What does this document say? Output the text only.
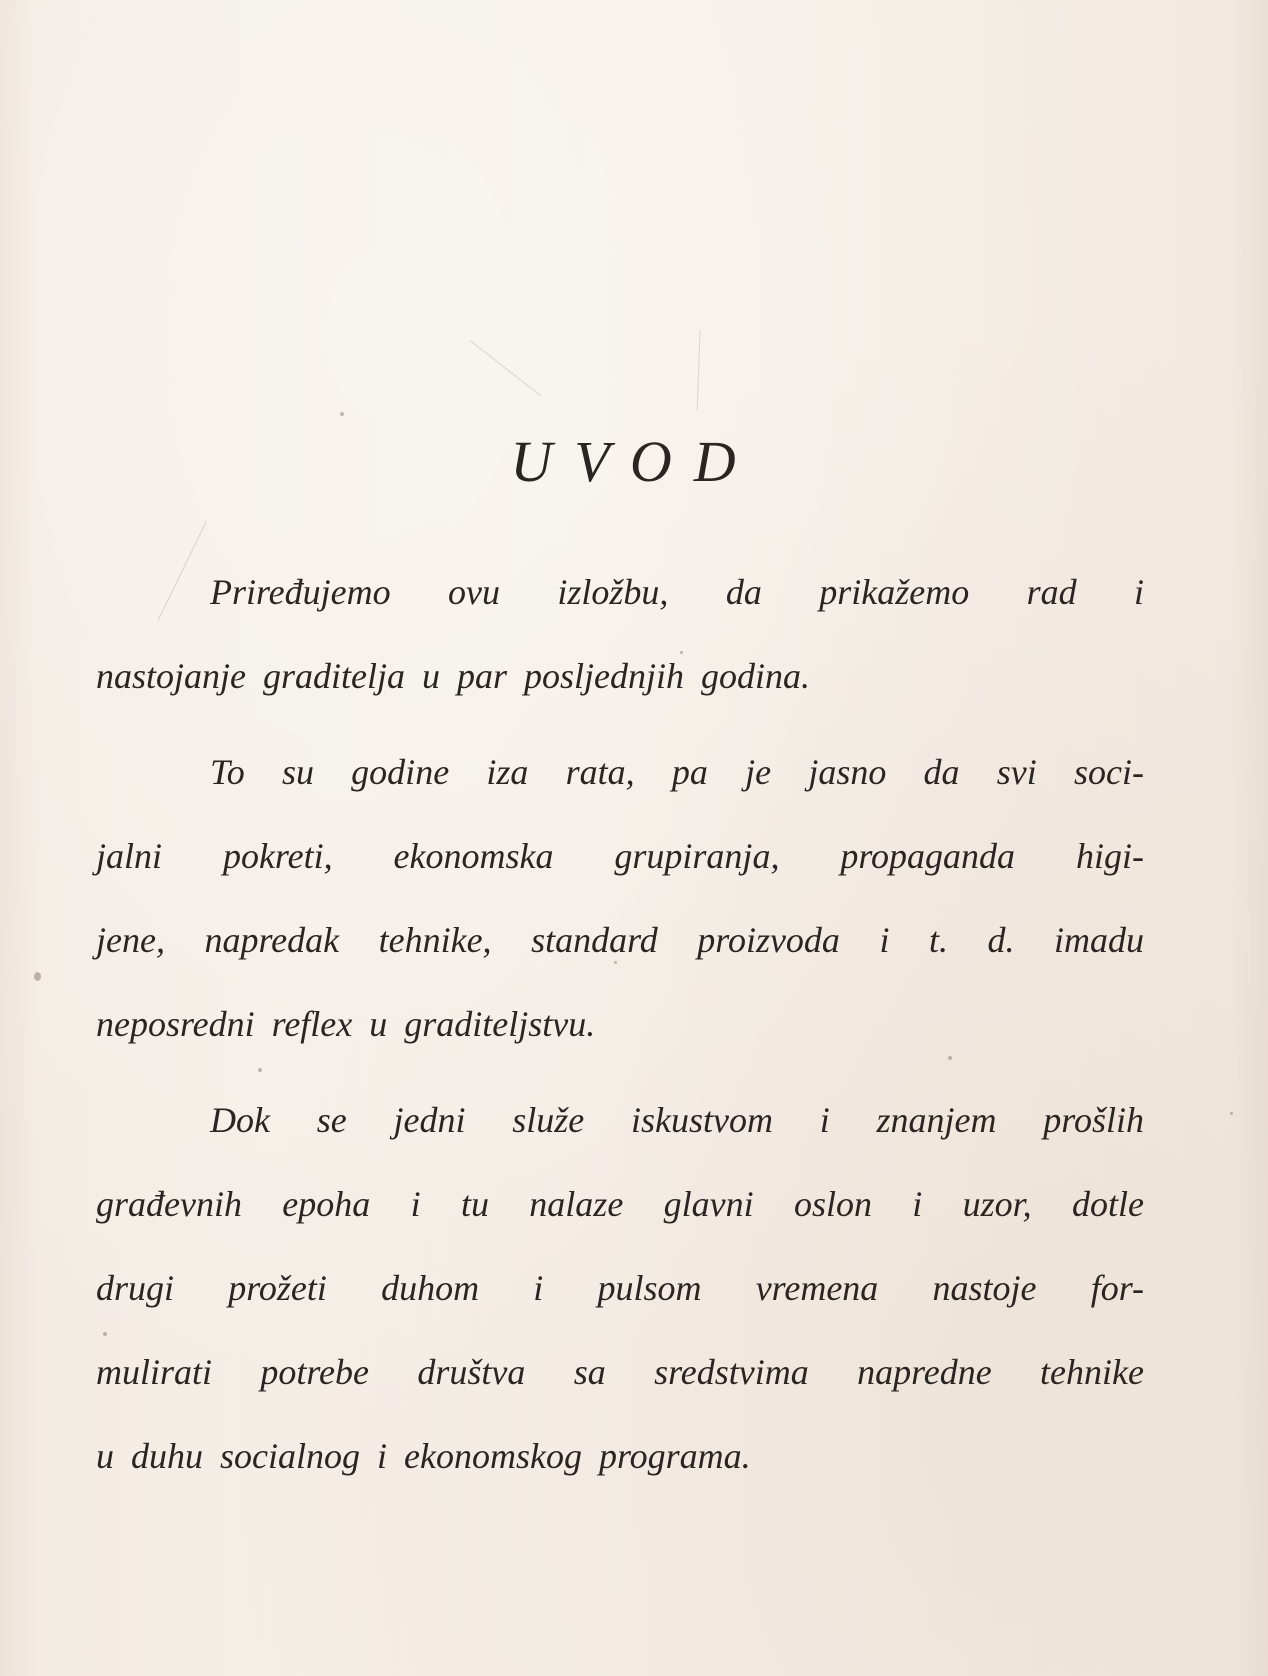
UVOD
Priređujemo ovu izložbu, da prikažemo rad i
nastojanje graditelja u par posljednjih godina.
To su godine iza rata, pa je jasno da svi soci-
jalni pokreti, ekonomska grupiranja, propaganda higi-
jene, napredak tehnike, standard proizvoda i t. d. imadu
neposredni reflex u graditeljstvu.
Dok se jedni služe iskustvom i znanjem prošlih
građevnih epoha i tu nalaze glavni oslon i uzor, dotle
drugi prožeti duhom i pulsom vremena nastoje for-
mulirati potrebe društva sa sredstvima napredne tehnike
u duhu socialnog i ekonomskog programa.
